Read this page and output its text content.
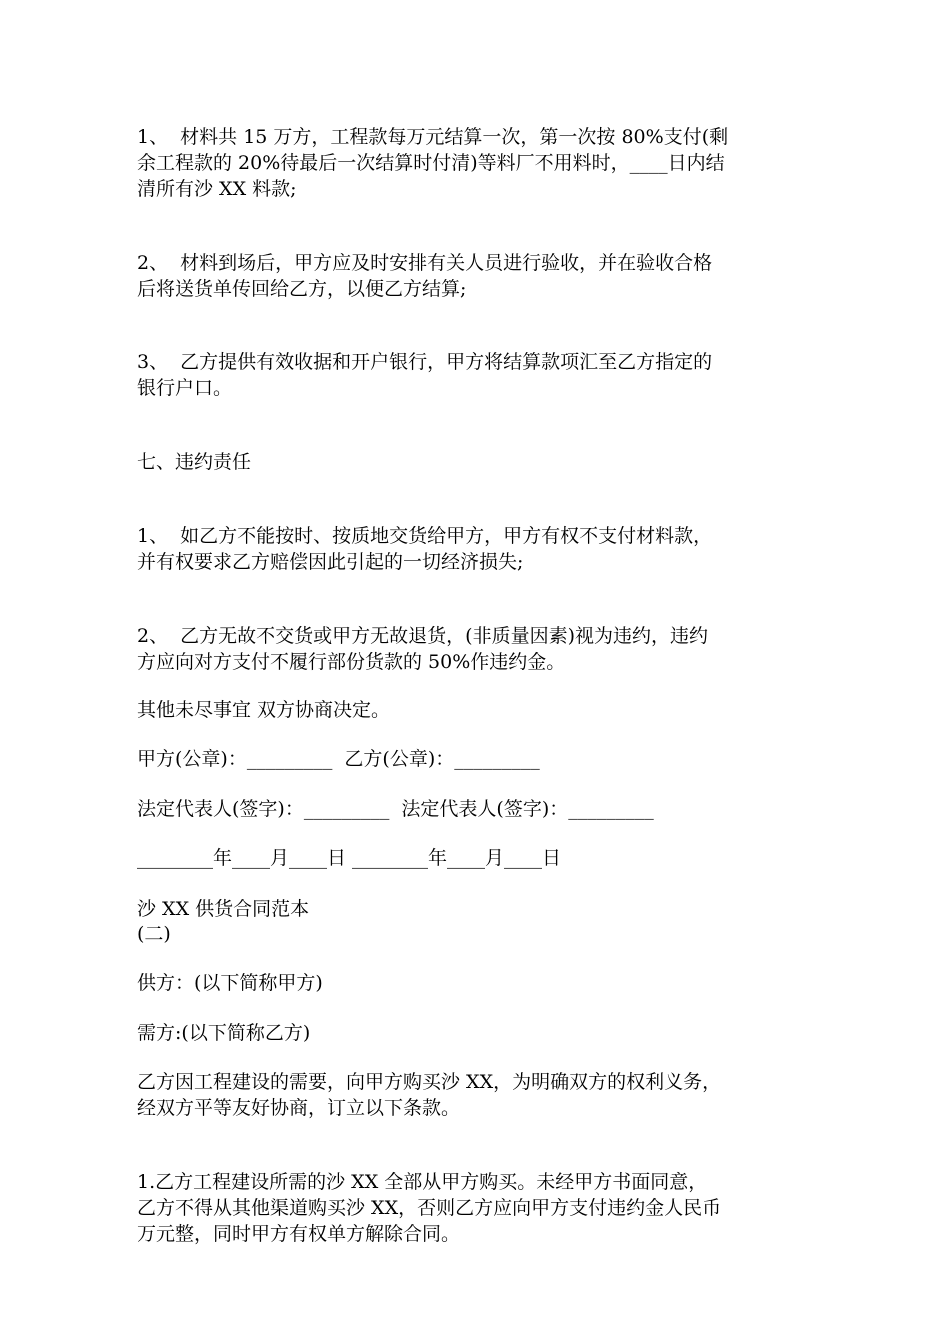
1、  材料共 15 万方，工程款每万元结算一次，第一次按 80%支付(剩

余工程款的 20%待最后一次结算时付清)等料厂不用料时，____日内结

清所有沙 XX 料款;

2、  材料到场后，甲方应及时安排有关人员进行验收，并在验收合格

后将送货单传回给乙方，以便乙方结算;

3、  乙方提供有效收据和开户银行，甲方将结算款项汇至乙方指定的

银行户口。

七、违约责任

1、  如乙方不能按时、按质地交货给甲方，甲方有权不支付材料款，

并有权要求乙方赔偿因此引起的一切经济损失;

2、  乙方无故不交货或甲方无故退货，(非质量因素)视为违约，违约

方应向对方支付不履行部份货款的 50%作违约金。

其他未尽事宜 双方协商决定。

甲方(公章)：_________  乙方(公章)：_________

法定代表人(签字)：_________  法定代表人(签字)：_________

________年____月____日 ________年____月____日

沙 XX 供货合同范本

(二)

供方：(以下简称甲方)

需方:(以下简称乙方)

乙方因工程建设的需要，向甲方购买沙 XX，为明确双方的权利义务，

经双方平等友好协商，订立以下条款。

1.乙方工程建设所需的沙 XX 全部从甲方购买。未经甲方书面同意，

乙方不得从其他渠道购买沙 XX，否则乙方应向甲方支付违约金人民币

万元整，同时甲方有权单方解除合同。
